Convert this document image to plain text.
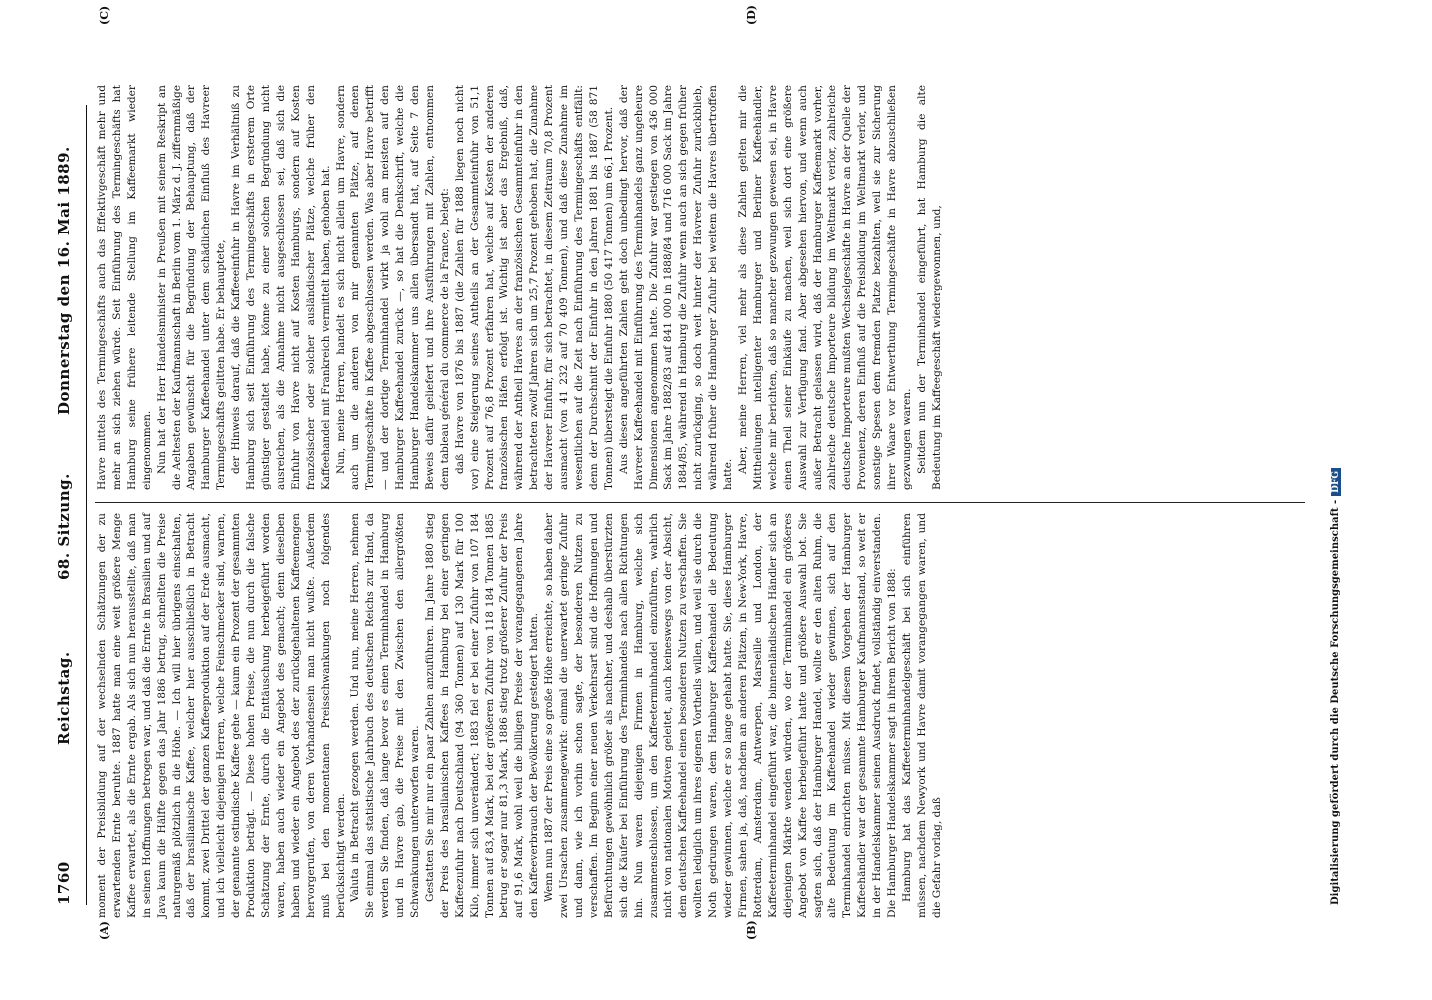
1760
Reichstag.
68. Sitzung.
Donnerstag den 16. Mai 1889.
(A)	(B)
(C)	(D)

moment der Preisbildung auf der wechselnden Schätzungen der zu erwartenden Ernte beruhte. 1887 hatte man eine weit größere Menge Kaffee erwartet, als die Ernte ergab. Als sich nun herausstellte, daß man in seinen Hoffnungen betrogen war, und daß die Ernte in Brasilien und auf Java kaum die Hälfte gegen das Jahr 1886 betrug, schnellten die Preise naturgemäß plötzlich in die Höhe. — Ich will hier übrigens einschalten, daß der brasilianische Kaffee, welcher hier ausschließlich in Betracht kommt, zwei Drittel der ganzen Kaffeeproduktion auf der Erde ausmacht, und ich vielleicht diejenigen Herren, welche Feinschmecker sind, warnen, der genannte ostindische Kaffee gehe — kaum ein Prozent der gesammten Produktion beträgt. — Diese hohen Preise, die nun durch die falsche Schätzung der Ernte, durch die Enttäuschung herbeigeführt worden waren, haben auch wieder ein Angebot des gemacht; denn dieselben haben und wieder ein Angebot des der zurückgehaltenen Kaffeemengen hervorgerufen, von deren Vorhandensein man nicht wußte. Außerdem muß bei den momentanen Preisschwankungen noch folgendes berücksichtigt werden. Valuta in Betracht gezogen werden. Und nun, meine Herren, nehmen Sie einmal das statistische Jahrbuch des deutschen Reichs zur Hand, da werden Sie finden, daß lange bevor es einen Terminhandel in Hamburg und in Havre gab, die Preise mit den Zwischen den allergrößten Schwankungen unterworfen waren. Gestatten Sie mir nur ein paar Zahlen anzuführen. Im Jahre 1880 stieg der Preis des brasilianischen Kaffees in Hamburg bei einer geringen Kaffeezufuhr nach Deutschland (94 360 Tonnen) auf 130 Mark für 100 Kilo, immer sich unverändert; 1883 fiel er bei einer Zufuhr von 107 184 Tonnen auf 83,4 Mark, bei der größeren Zufuhr von 118 184 Tonnen 1885 betrug er sogar nur 81,3 Mark, 1886 stieg trotz größerer Zufuhr der Preis auf 91,6 Mark, wohl weil die billigen Preise der vorangegangenen Jahre den Kaffeeverbrauch der Bevölkerung gesteigert hatten. Wenn nun 1887 der Preis eine so große Höhe erreichte, so haben daher zwei Ursachen zusammengewirkt: einmal die unerwartet geringe Zufuhr und dann, wie ich vorhin schon sagte, der besonderen Nutzen zu verschaffen. Im Beginn einer neuen Verkehrsart sind die Hoffnungen und Befürchtungen gewöhnlich größer als nachher, und deshalb überstürzten sich die Käufer bei Einführung des Terminhandels nach allen Richtungen hin. Nun waren diejenigen Firmen in Hamburg, welche sich zusammenschlossen, um den Kaffeeterminhandel einzuführen, wahrlich nicht von nationalen Motiven geleitet, auch keineswegs von der Absicht, dem deutschen Kaffeehandel einen besonderen Nutzen zu verschaffen. Sie wollten lediglich um ihres eigenen Vortheils willen, und weil sie durch die Noth gedrungen waren, dem Hamburger Kaffeehandel die Bedeutung wieder gewinnen, welche er so lange gehabt hatte. Sie, diese Hamburger Firmen, sahen ja, daß, nachdem an anderen Plätzen, in New-York, Havre, Rotterdam, Amsterdam, Antwerpen, Marseille und London, der Kaffeeterminhandel eingeführt war, die binnenländischen Händler sich an diejenigen Märkte wenden würden, wo der Terminhandel ein größeres Angebot von Kaffee herbeigeführt hatte und größere Auswahl bot. Sie sagten sich, daß der Hamburger Handel, wollte er den alten Ruhm, die alte Bedeutung im Kaffeehandel wieder gewinnen, sich auf den Terminhandel einrichten müsse. Mit diesem Vorgehen der Hamburger Kaffeehändler war der gesammte Hamburger Kaufmannsstand, so weit er in der Handelskammer seinen Ausdruck findet, vollständig einverstanden. Die Hamburger Handelskammer sagt in ihrem Bericht von 1888: Hamburg hat das Kaffeeterminhandelgeschäft bei sich einführen müssen, nachdem Newyork und Havre damit vorangegangen waren, und die Gefahr vorlag, daß

Havre mittels des Termingeschäfts auch das Effektivgeschäft mehr und mehr an sich ziehen würde. Seit Einführung des Termingeschäfts hat Hamburg seine frühere leitende Stellung im Kaffeemarkt wieder eingenommen. Nun hat der Herr Handelsminister in Preußen mit seinem Reskript an die Aeltesten der Kaufmannschaft in Berlin vom 1. März d. J. ziffernmäßige Angaben gewünscht für die Begründung der Behauptung, daß der Hamburger Kaffeehandel unter dem schädlichen Einfluß des Havreer Termingeschäfts gelitten habe. Er behauptete, der Hinweis darauf, daß die Kaffeeeinfuhr in Havre im Verhältniß zu Hamburg sich seit Einführung des Termingeschäfts in ersterem Orte günstiger gestaltet habe, könne zu einer solchen Begründung nicht ausreichen, als die Annahme nicht ausgeschlossen sei, daß sich die Einfuhr von Havre nicht auf Kosten Hamburgs, sondern auf Kosten französischer oder solcher ausländischer Plätze, welche früher den Kaffeehandel mit Frankreich vermittelt haben, gehoben hat. Nun, meine Herren, handelt es sich nicht allein um Havre, sondern auch um die anderen von mir genannten Plätze, auf denen Termingeschäfte in Kaffee abgeschlossen werden. Was aber Havre betrifft — und der dortige Terminhandel wirkt ja wohl am meisten auf den Hamburger Kaffeehandel zurück —, so hat die Denkschrift, welche die Hamburger Handelskammer uns allen übersandt hat, auf Seite 7 den Beweis dafür geliefert und ihre Ausführungen mit Zahlen, entnommen dem tableau général du commerce de la France, belegt: daß Havre von 1876 bis 1887 (die Zahlen für 1888 liegen noch nicht vor) eine Steigerung seines Antheils an der Gesammteinfuhr von 51,1 Prozent auf 76,8 Prozent erfahren hat, welche auf Kosten der anderen französischen Häfen erfolgt ist. Wichtig ist aber das Ergebniß, daß, während der Antheil Havres an der französischen Gesammteinfuhr in den betrachteten zwölf Jahren sich um 25,7 Prozent gehoben hat, die Zunahme der Havreer Einfuhr, für sich betrachtet, in diesem Zeitraum 70,8 Prozent ausmacht (von 41 232 auf 70 409 Tonnen), und daß diese Zunahme im wesentlichen auf die Zeit nach Einführung des Termingeschäfts entfällt: denn der Durchschnitt der Einfuhr in den Jahren 1881 bis 1887 (58 871 Tonnen) übersteigt die Einfuhr 1880 (50 417 Tonnen) um 66,1 Prozent. Aus diesen angeführten Zahlen geht doch unbedingt hervor, daß der Havreer Kaffeehandel mit Einführung des Terminhandels ganz ungeheure Dimensionen angenommen hatte. Die Zufuhr war gestiegen von 436 000 Sack im Jahre 1882/83 auf 841 000 in 1888/84 und 716 000 Sack im Jahre 1884/85, während in Hamburg die Zufuhr wenn auch an sich gegen früher nicht zurückging, so doch weit hinter der Havreer Zufuhr zurückblieb, während früher die Hamburger Zufuhr bei weitem die Havres übertroffen hatte.

Aber, meine Herren, viel mehr als diese Zahlen gelten mir die Mittheilungen intelligenter Hamburger und Berliner Kaffeehändler, welche mir berichten, daß so mancher gezwungen gewesen sei, in Havre einen Theil seiner Einkäufe zu machen, weil sich dort eine größere Auswahl zur Verfügung fand. Aber abgesehen hiervon, und wenn auch außer Betracht gelassen wird, daß der Hamburger Kaffeemarkt vorher, zahlreiche deutsche Importeure bildung im Weltmarkt verlor, zahlreiche deutsche Importeure mußten Wechselgeschäfte in Havre an der Quelle der Provenienz, deren Einfluß auf die Preisbildung im Weltmarkt verlor, und sonstige Spesen dem fremden Platze bezahlten, weil sie zur Sicherung ihrer Waare vor Entwerthung Termingeschäfte in Havre abzuschließen gezwungen waren. Seitdem nun der Terminhandel eingeführt, hat Hamburg die alte Bedeutung im Kaffeegeschäft wiedergewonnen, und,

Digitalisierung gefördert durch die Deutsche Forschungsgemeinschaft -DFG
